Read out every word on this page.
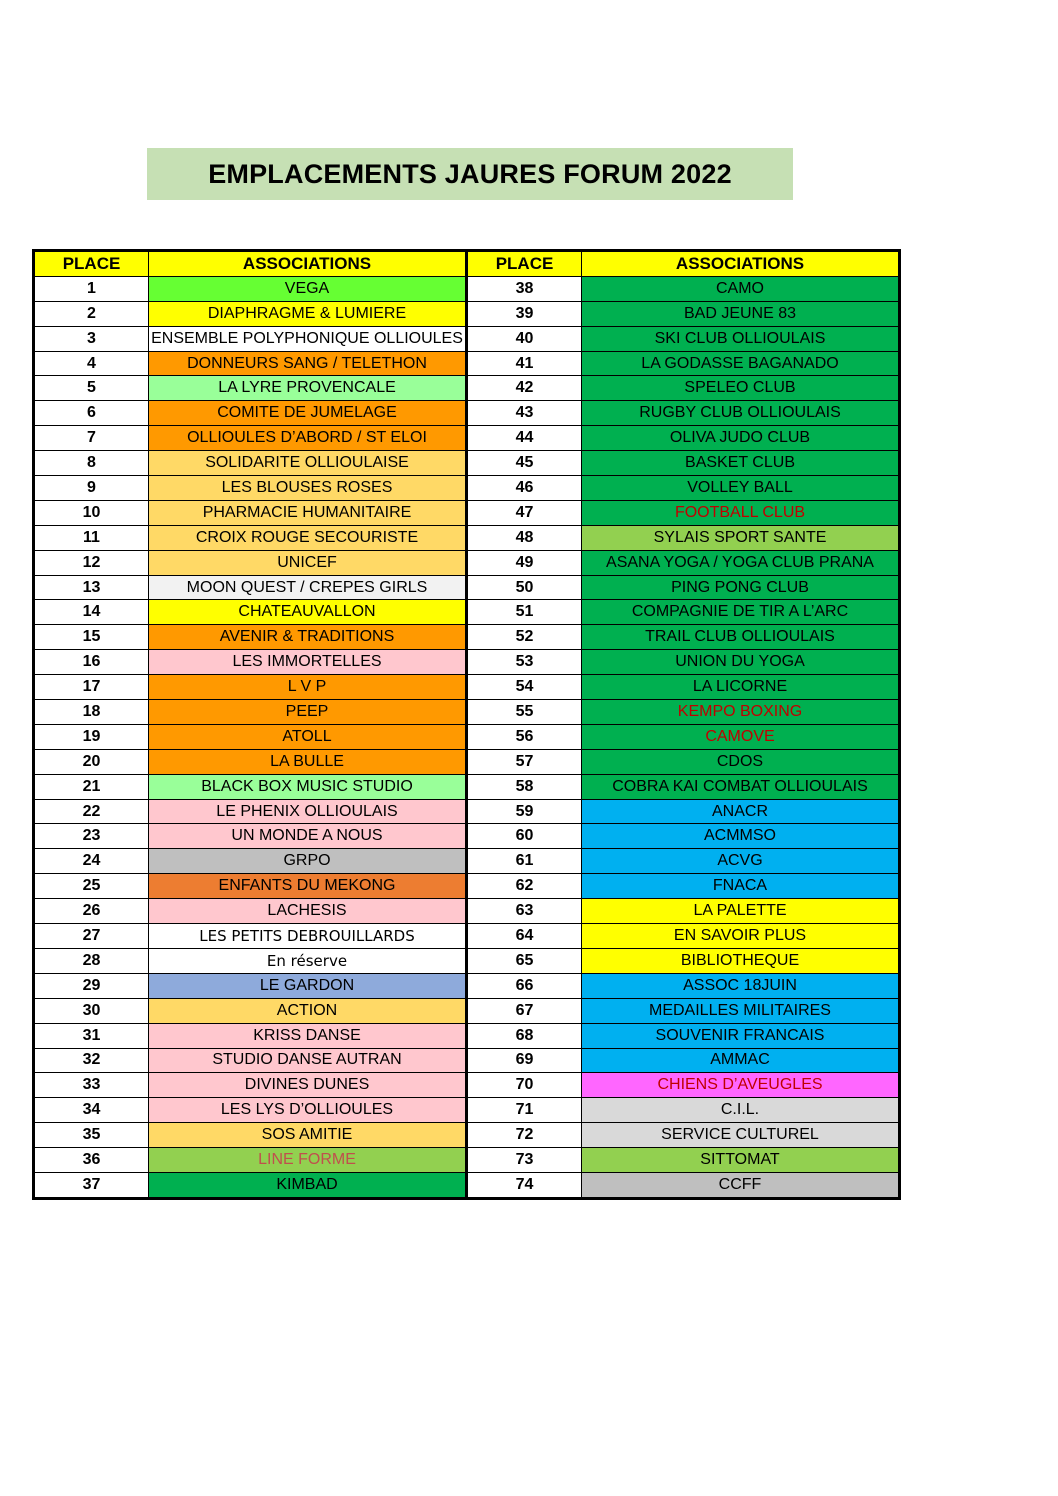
EMPLACEMENTS JAURES FORUM 2022
PLACE	ASSOCIATIONS	PLACE	ASSOCIATIONS
1	VEGA	38	CAMO
2	DIAPHRAGME & LUMIERE	39	BAD JEUNE 83
3	ENSEMBLE POLYPHONIQUE OLLIOULES	40	SKI CLUB OLLIOULAIS
4	DONNEURS SANG / TELETHON	41	LA GODASSE BAGANADO
5	LA LYRE PROVENCALE	42	SPELEO CLUB
6	COMITE DE JUMELAGE	43	RUGBY CLUB OLLIOULAIS
7	OLLIOULES D’ABORD / ST ELOI	44	OLIVA JUDO CLUB
8	SOLIDARITE OLLIOULAISE	45	BASKET CLUB
9	LES BLOUSES ROSES	46	VOLLEY BALL
10	PHARMACIE HUMANITAIRE	47	FOOTBALL CLUB
11	CROIX ROUGE SECOURISTE	48	SYLAIS SPORT SANTE
12	UNICEF	49	ASANA YOGA / YOGA CLUB PRANA
13	MOON QUEST / CREPES GIRLS	50	PING PONG CLUB
14	CHATEAUVALLON	51	COMPAGNIE DE TIR A L’ARC
15	AVENIR & TRADITIONS	52	TRAIL CLUB OLLIOULAIS
16	LES IMMORTELLES	53	UNION DU YOGA
17	L V P	54	LA LICORNE
18	PEEP	55	KEMPO BOXING
19	ATOLL	56	CAMOVE
20	LA BULLE	57	CDOS
21	BLACK BOX MUSIC STUDIO	58	COBRA KAI COMBAT OLLIOULAIS
22	LE PHENIX OLLIOULAIS	59	ANACR
23	UN MONDE A NOUS	60	ACMMSO
24	GRPO	61	ACVG
25	ENFANTS DU MEKONG	62	FNACA
26	LACHESIS	63	LA PALETTE
27	LES PETITS DEBROUILLARDS	64	EN SAVOIR PLUS
28	En réserve	65	BIBLIOTHEQUE
29	LE GARDON	66	ASSOC 18JUIN
30	ACTION	67	MEDAILLES MILITAIRES
31	KRISS DANSE	68	SOUVENIR FRANCAIS
32	STUDIO DANSE AUTRAN	69	AMMAC
33	DIVINES DUNES	70	CHIENS D’AVEUGLES
34	LES LYS D’OLLIOULES	71	C.I.L.
35	SOS AMITIE	72	SERVICE CULTUREL
36	LINE FORME	73	SITTOMAT
37	KIMBAD	74	CCFF
